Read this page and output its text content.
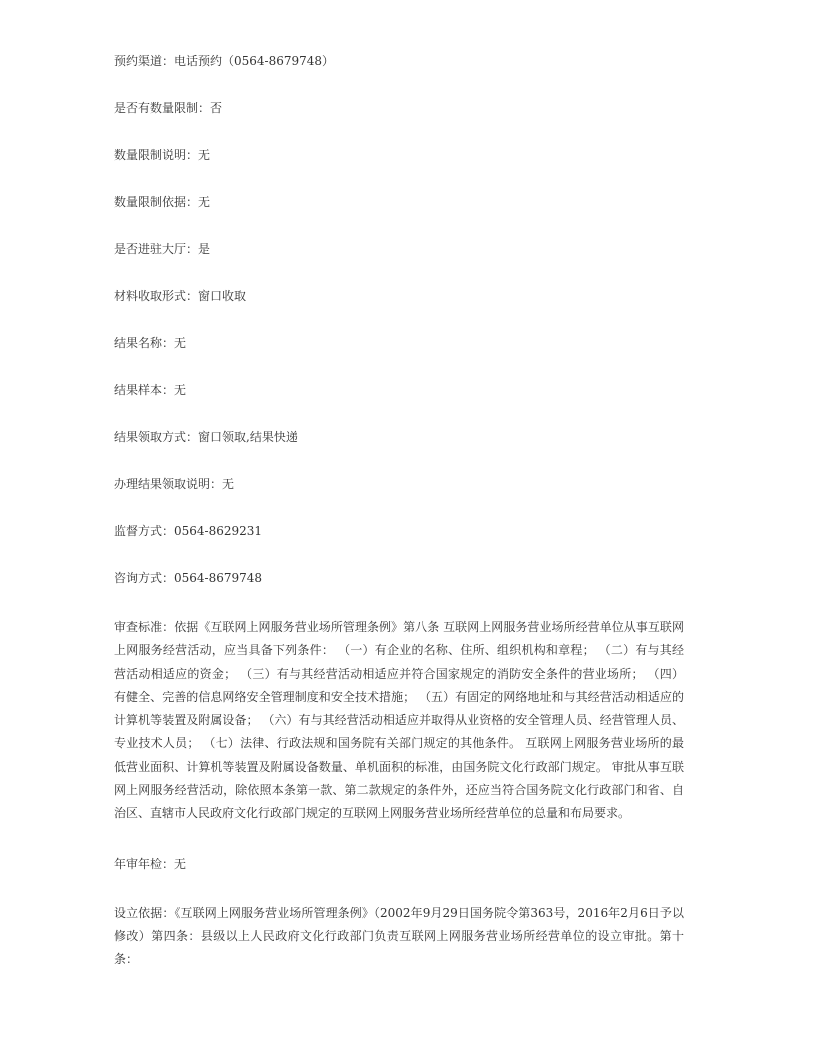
预约渠道：电话预约（0564-8679748）

是否有数量限制：否

数量限制说明：无

数量限制依据：无

是否进驻大厅：是

材料收取形式：窗口收取

结果名称：无

结果样本：无

结果领取方式：窗口领取,结果快递

办理结果领取说明：无

监督方式：0564-8629231

咨询方式：0564-8679748

审查标准：依据《互联网上网服务营业场所管理条例》第八条 互联网上网服务营业场所经营单位从事互联网上网服务经营活动，应当具备下列条件： （一）有企业的名称、住所、组织机构和章程； （二）有与其经营活动相适应的资金； （三）有与其经营活动相适应并符合国家规定的消防安全条件的营业场所； （四）有健全、完善的信息网络安全管理制度和安全技术措施； （五）有固定的网络地址和与其经营活动相适应的计算机等装置及附属设备； （六）有与其经营活动相适应并取得从业资格的安全管理人员、经营管理人员、专业技术人员； （七）法律、行政法规和国务院有关部门规定的其他条件。 互联网上网服务营业场所的最低营业面积、计算机等装置及附属设备数量、单机面积的标准，由国务院文化行政部门规定。 审批从事互联网上网服务经营活动，除依照本条第一款、第二款规定的条件外，还应当符合国务院文化行政部门和省、自治区、直辖市人民政府文化行政部门规定的互联网上网服务营业场所经营单位的总量和布局要求。

年审年检：无

设立依据：《互联网上网服务营业场所管理条例》（2002年9月29日国务院令第363号，2016年2月6日予以修改）第四条：县级以上人民政府文化行政部门负责互联网上网服务营业场所经营单位的设立审批。第十条：
